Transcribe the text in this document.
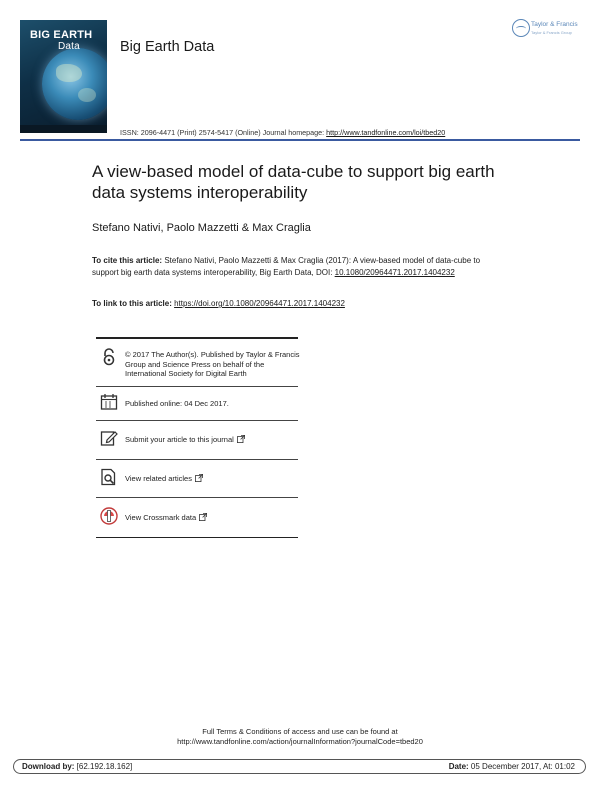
BIG EARTH
Data	Big Earth Data
Taylor & Francis
Taylor & Francis Group
ISSN: 2096-4471 (Print) 2574-5417 (Online) Journal homepage: http://www.tandfonline.com/loi/tbed20
A view-based model of data-cube to support big earth data systems interoperability
Stefano Nativi, Paolo Mazzetti & Max Craglia
To cite this article: Stefano Nativi, Paolo Mazzetti & Max Craglia (2017): A view-based model of data-cube to support big earth data systems interoperability, Big Earth Data, DOI: 10.1080/20964471.2017.1404232
To link to this article: https://doi.org/10.1080/20964471.2017.1404232
© 2017 The Author(s). Published by Taylor & Francis Group and Science Press on behalf of the International Society for Digital Earth
Published online: 04 Dec 2017.
Submit your article to this journal
View related articles
View Crossmark data
Full Terms & Conditions of access and use can be found at
http://www.tandfonline.com/action/journalInformation?journalCode=tbed20
Download by: [62.192.18.162]	Date: 05 December 2017, At: 01:02
